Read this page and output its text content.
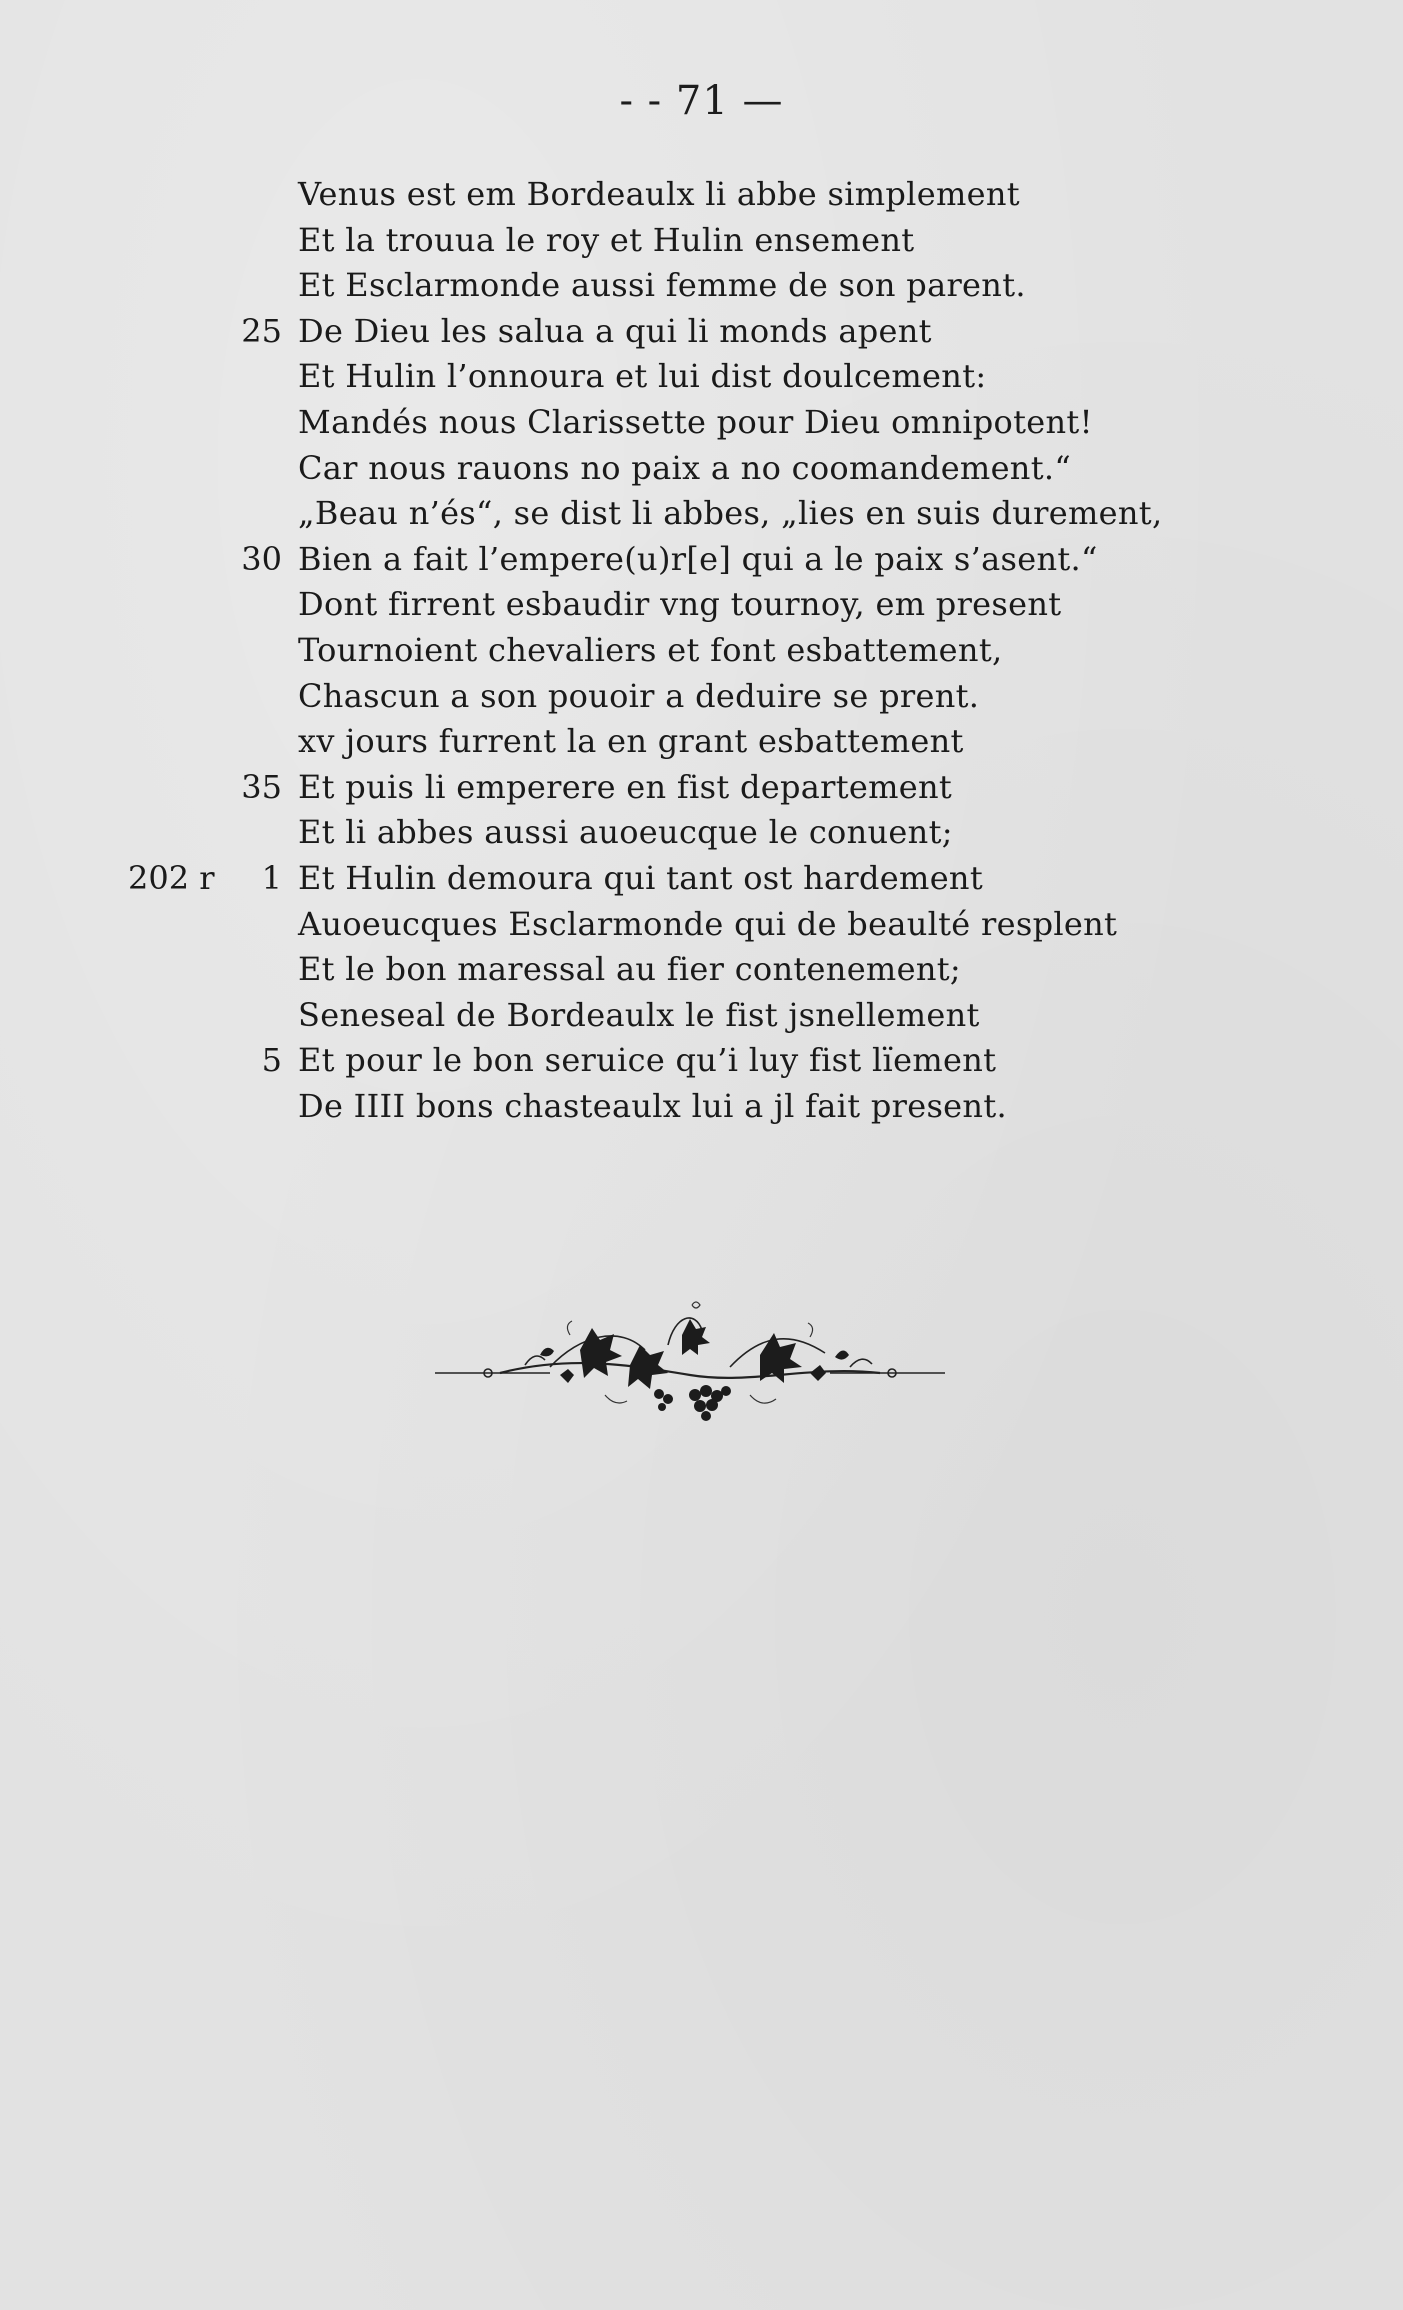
- - 71 —
Venus est em Bordeaulx li abbe simplement
Et la trouua le roy et Hulin ensement
Et Esclarmonde aussi femme de son parent.
25 De Dieu les salua a qui li monds apent
Et Hulin l’onnoura et lui dist doulcement:
Mandés nous Clarissette pour Dieu omnipotent!
Car nous rauons no paix a no coomandement.“
„Beau n’és“, se dist li abbes, „lies en suis durement,
30 Bien a fait l’empere(u)r[e] qui a le paix s’asent.“
Dont firrent esbaudir vng tournoy, em present
Tournoient chevaliers et font esbattement,
Chascun a son pouoir a deduire se prent.
xv jours furrent la en grant esbattement
35 Et puis li emperere en fist departement
Et li abbes aussi auoeucque le conuent;
202 r	1 Et Hulin demoura qui tant ost hardement
Auoeucques Esclarmonde qui de beaulté resplent
Et le bon maressal au fier contenement;
Seneseal de Bordeaulx le fist jsnellement
5 Et pour le bon seruice qu’i luy fist lïement
De IIII bons chasteaulx lui a jl fait present.
